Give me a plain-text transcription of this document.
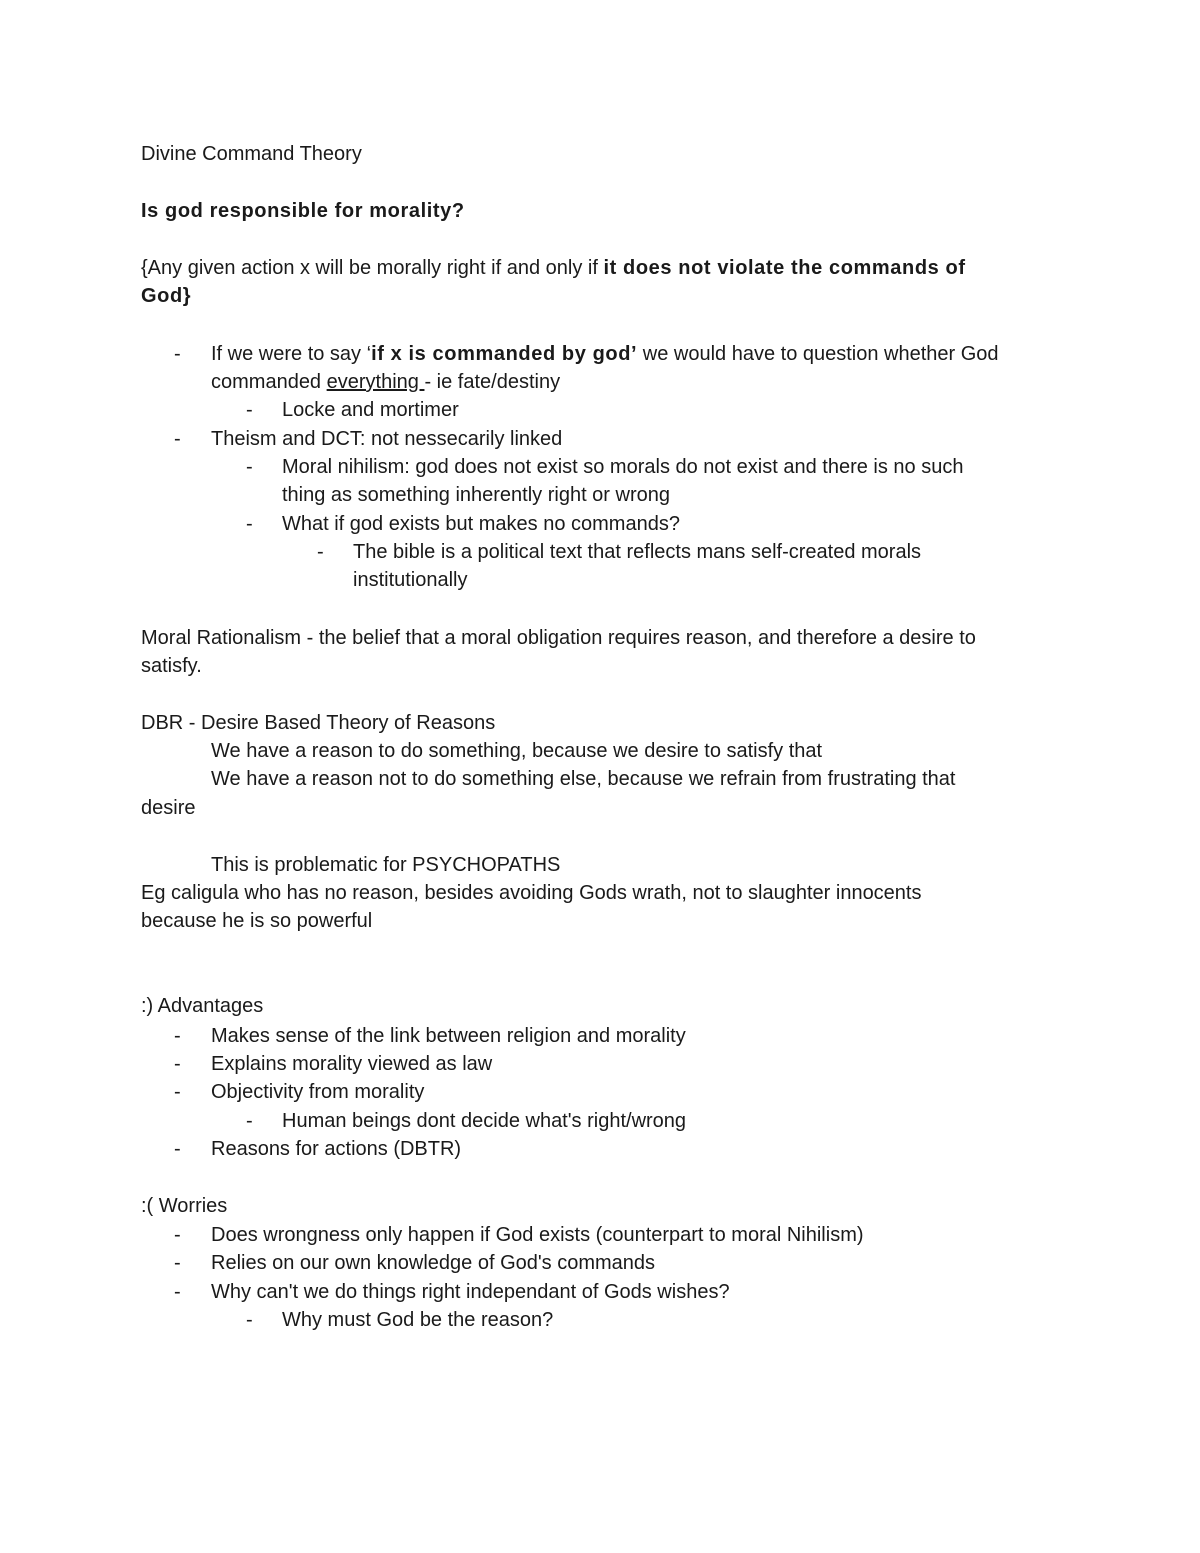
Divine Command Theory
Is god responsible for morality?
{Any given action x will be morally right if and only if it does not violate the commands of
God}
- If we were to say ‘if x is commanded by god’ we would have to question whether God
commanded everything - ie fate/destiny
- Locke and mortimer
- Theism and DCT: not nessecarily linked
- Moral nihilism: god does not exist so morals do not exist and there is no such
thing as something inherently right or wrong
- What if god exists but makes no commands?
- The bible is a political text that reflects mans self-created morals
institutionally
Moral Rationalism - the belief that a moral obligation requires reason, and therefore a desire to
satisfy.
DBR - Desire Based Theory of Reasons
We have a reason to do something, because we desire to satisfy that
We have a reason not to do something else, because we refrain from frustrating that
desire
This is problematic for PSYCHOPATHS
Eg caligula who has no reason, besides avoiding Gods wrath, not to slaughter innocents
because he is so powerful
:) Advantages
- Makes sense of the link between religion and morality
- Explains morality viewed as law
- Objectivity from morality
- Human beings dont decide what's right/wrong
- Reasons for actions (DBTR)
:( Worries
- Does wrongness only happen if God exists (counterpart to moral Nihilism)
- Relies on our own knowledge of God's commands
- Why can't we do things right independant of Gods wishes?
- Why must God be the reason?
